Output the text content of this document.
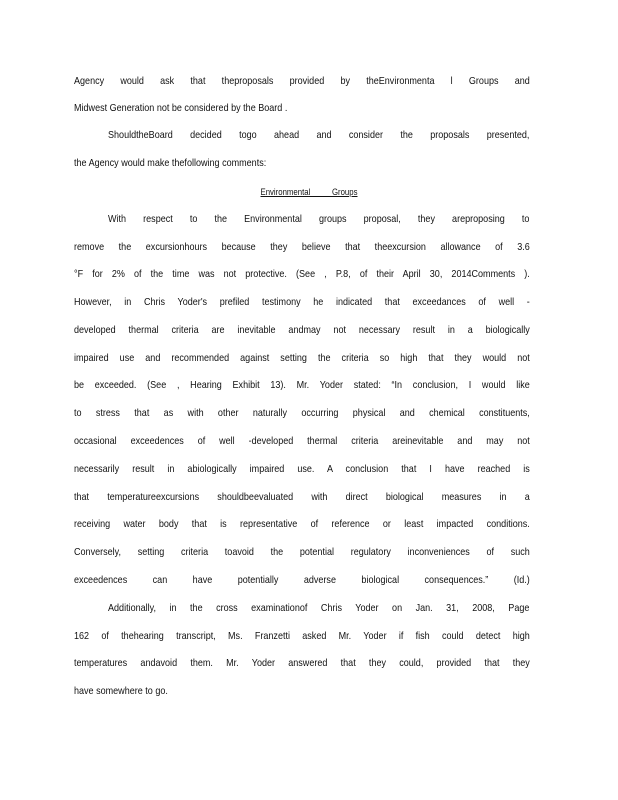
Agency would ask that theproposals provided by theEnvironmenta l Groups and
Midwest Generation not be considered by the Board .
ShouldtheBoard decided togo ahead and consider the proposals presented,
the Agency would make thefollowing comments:
Environmental          Groups
With respect to the Environmental groups proposal, they areproposing to
remove the excursionhours because they believe that theexcursion allowance of 3.6
°F for 2% of the time was not protective. (See , P.8, of their April 30, 2014Comments ).
However, in Chris Yoder's prefiled testimony he indicated that exceedances of well -
developed thermal criteria are inevitable andmay not necessary result in a biologically
impaired use and recommended against setting the criteria so high that they would not
be exceeded. (See , Hearing Exhibit 13). Mr. Yoder stated: “In conclusion, I would like
to stress that as with other naturally occurring physical and chemical constituents,
occasional exceedences of well -developed thermal criteria areinevitable and may not
necessarily result in abiologically impaired use. A conclusion that I have reached is
that temperatureexcursions shouldbeevaluated with direct biological measures in a
receiving water body that is representative of reference or least impacted conditions.
Conversely, setting criteria toavoid the potential regulatory inconveniences of such
exceedences can have potentially adverse biological consequences.” (Id.)
Additionally, in the cross examinationof Chris Yoder on Jan. 31, 2008, Page
162 of thehearing transcript, Ms. Franzetti asked Mr. Yoder if fish could detect high
temperatures andavoid them. Mr. Yoder answered that they could, provided that they
have somewhere to go.
